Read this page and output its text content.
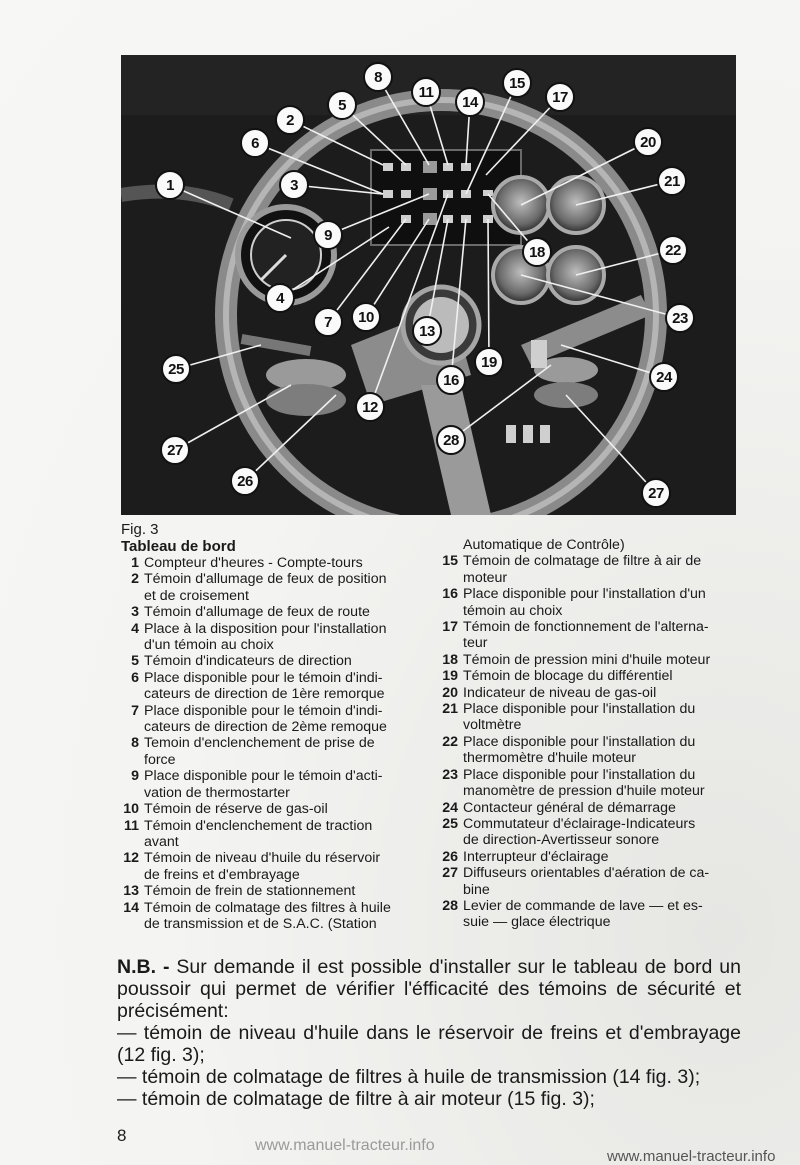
1
2
3
4
5
6
7
8
9
10
11
12
13
14
15
16
17
18
19
20
21
22
23
24
25
26
27
27
28
Fig. 3
Tableau de bord
1 Compteur d'heures - Compte-tours
2 Témoin d'allumage de feux de position
et de croisement
3 Témoin d'allumage de feux de route
4 Place à la disposition pour l'installation
d'un témoin au choix
5 Témoin d'indicateurs de direction
6 Place disponible pour le témoin d'indi-
cateurs de direction de 1ère remorque
7 Place disponible pour le témoin d'indi-
cateurs de direction de 2ème remoque
8 Temoin d'enclenchement de prise de
force
9 Place disponible pour le témoin d'acti-
vation de thermostarter
10 Témoin de réserve de gas-oil
11 Témoin d'enclenchement de traction
avant
12 Témoin de niveau d'huile du réservoir
de freins et d'embrayage
13 Témoin de frein de stationnement
14 Témoin de colmatage des filtres à huile
de transmission et de S.A.C. (Station
Automatique de Contrôle)
15 Témoin de colmatage de filtre à air de
moteur
16 Place disponible pour l'installation d'un
témoin au choix
17 Témoin de fonctionnement de l'alterna-
teur
18 Témoin de pression mini d'huile moteur
19 Témoin de blocage du différentiel
20 Indicateur de niveau de gas-oil
21 Place disponible pour l'installation du
voltmètre
22 Place disponible pour l'installation du
thermomètre d'huile moteur
23 Place disponible pour l'installation du
manomètre de pression d'huile moteur
24 Contacteur général de démarrage
25 Commutateur d'éclairage-Indicateurs
de direction-Avertisseur sonore
26 Interrupteur d'éclairage
27 Diffuseurs orientables d'aération de ca-
bine
28 Levier de commande de lave — et es-
suie — glace électrique
N.B. - Sur demande il est possible d'installer sur le tableau de bord un poussoir qui permet de vérifier l'éfficacité des témoins de sécurité et précisément:
— témoin de niveau d'huile dans le réservoir de freins et d'embrayage (12 fig. 3);
— témoin de colmatage de filtres à huile de transmission (14 fig. 3);
— témoin de colmatage de filtre à air moteur (15 fig. 3);
8
www.manuel-tracteur.info
www.manuel-tracteur.info
